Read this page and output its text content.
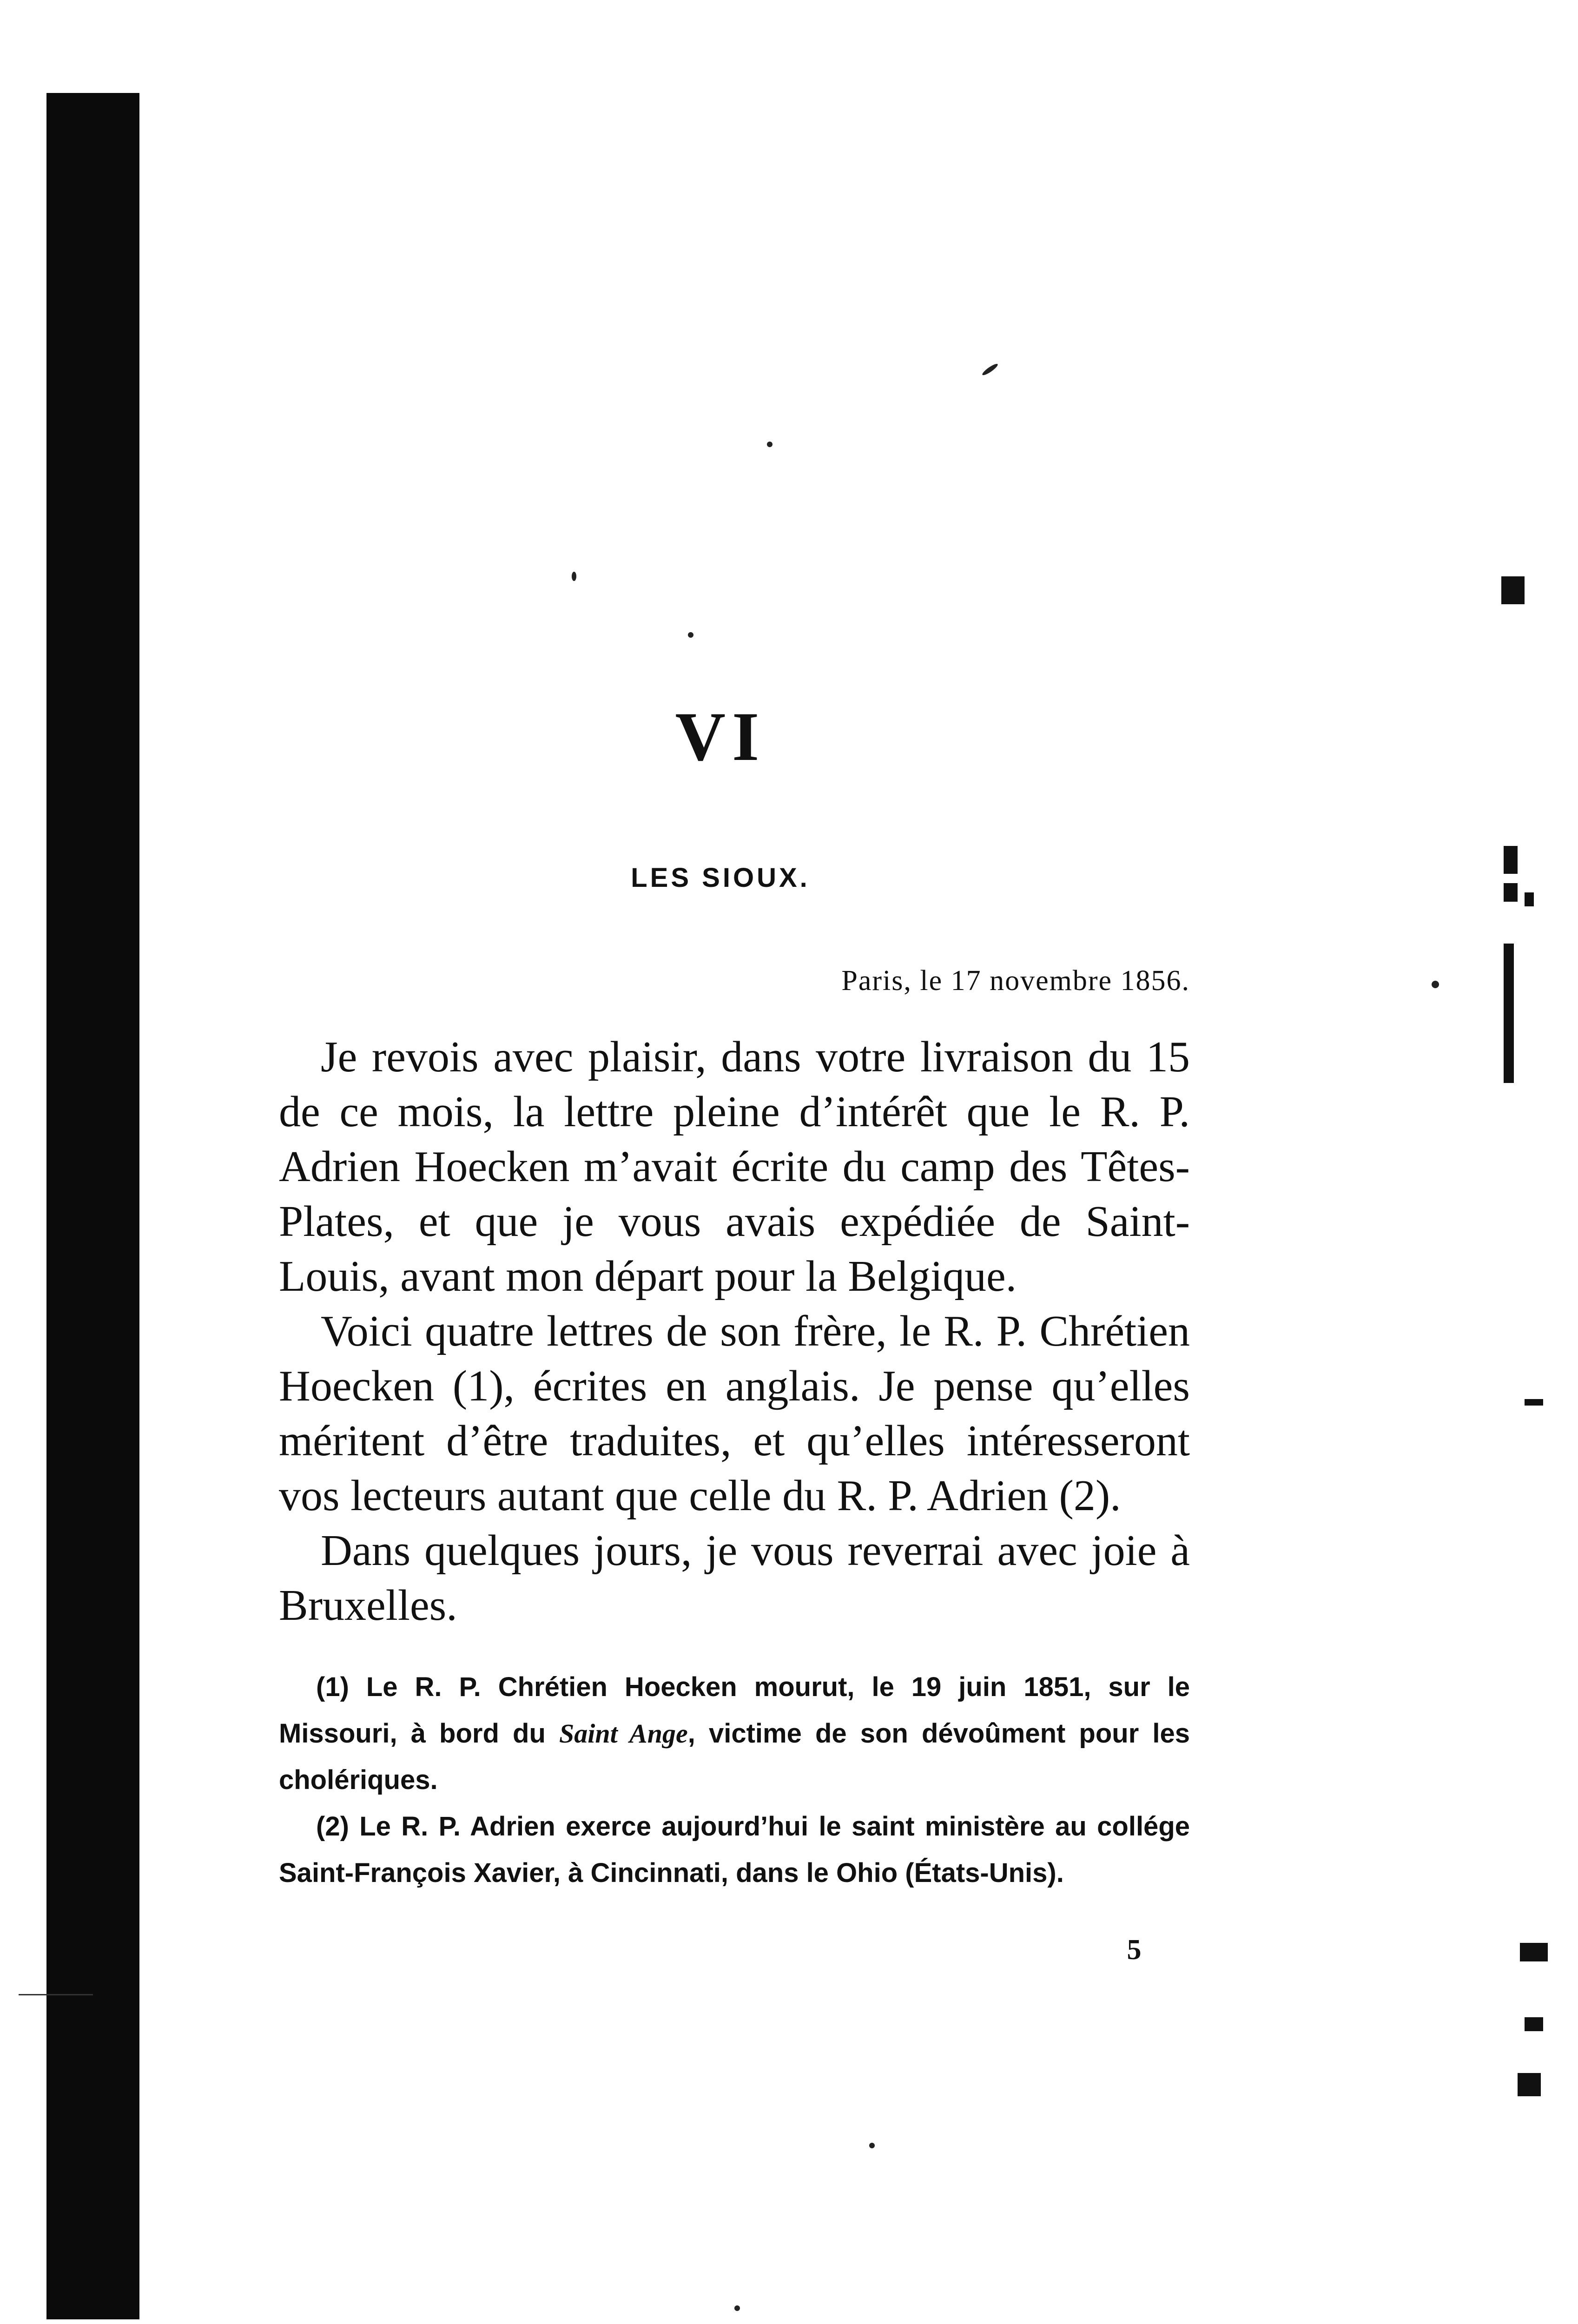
VI
LES SIOUX.
Paris, le 17 novembre 1856.

Je revois avec plaisir, dans votre livraison du 15 de ce mois, la lettre pleine d’intérêt que le R. P. Adrien Hoecken m’avait écrite du camp des Têtes-Plates, et que je vous avais expédiée de Saint-Louis, avant mon départ pour la Belgique.

Voici quatre lettres de son frère, le R. P. Chrétien Hoecken (1), écrites en anglais. Je pense qu’elles méritent d’être traduites, et qu’elles intéresseront vos lecteurs autant que celle du R. P. Adrien (2).

Dans quelques jours, je vous reverrai avec joie à Bruxelles.

(1) Le R. P. Chrétien Hoecken mourut, le 19 juin 1851, sur le Missouri, à bord du Saint Ange, victime de son dévoûment pour les cholériques.

(2) Le R. P. Adrien exerce aujourd’hui le saint ministère au collége Saint-François Xavier, à Cincinnati, dans le Ohio (États-Unis).

5
